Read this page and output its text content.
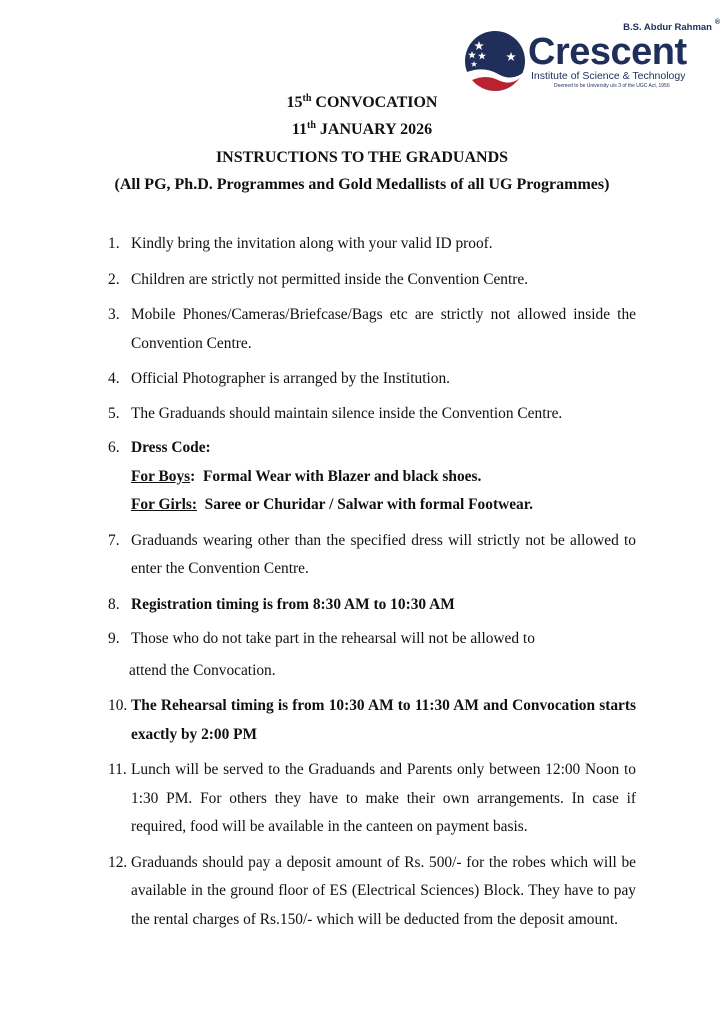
B.S. Abdur Rahman ®
Crescent
Institute of Science & Technology
Deemed to be University u/s 3 of the UGC Act, 1956
15th CONVOCATION
11th JANUARY 2026
INSTRUCTIONS TO THE GRADUANDS
(All PG, Ph.D. Programmes and Gold Medallists of all UG Programmes)
1. Kindly bring the invitation along with your valid ID proof.
2. Children are strictly not permitted inside the Convention Centre.
3. Mobile Phones/Cameras/Briefcase/Bags etc are strictly not allowed inside the Convention Centre.
4. Official Photographer is arranged by the Institution.
5. The Graduands should maintain silence inside the Convention Centre.
6. Dress Code:
For Boys: Formal Wear with Blazer and black shoes.
For Girls: Saree or Churidar / Salwar with formal Footwear.
7. Graduands wearing other than the specified dress will strictly not be allowed to enter the Convention Centre.
8. Registration timing is from 8:30 AM to 10:30 AM
9. Those who do not take part in the rehearsal will not be allowed to
attend the Convocation.
10. The Rehearsal timing is from 10:30 AM to 11:30 AM and Convocation starts exactly by 2:00 PM
11. Lunch will be served to the Graduands and Parents only between 12:00 Noon to 1:30 PM. For others they have to make their own arrangements. In case if required, food will be available in the canteen on payment basis.
12. Graduands should pay a deposit amount of Rs. 500/- for the robes which will be available in the ground floor of ES (Electrical Sciences) Block. They have to pay the rental charges of Rs.150/- which will be deducted from the deposit amount.
